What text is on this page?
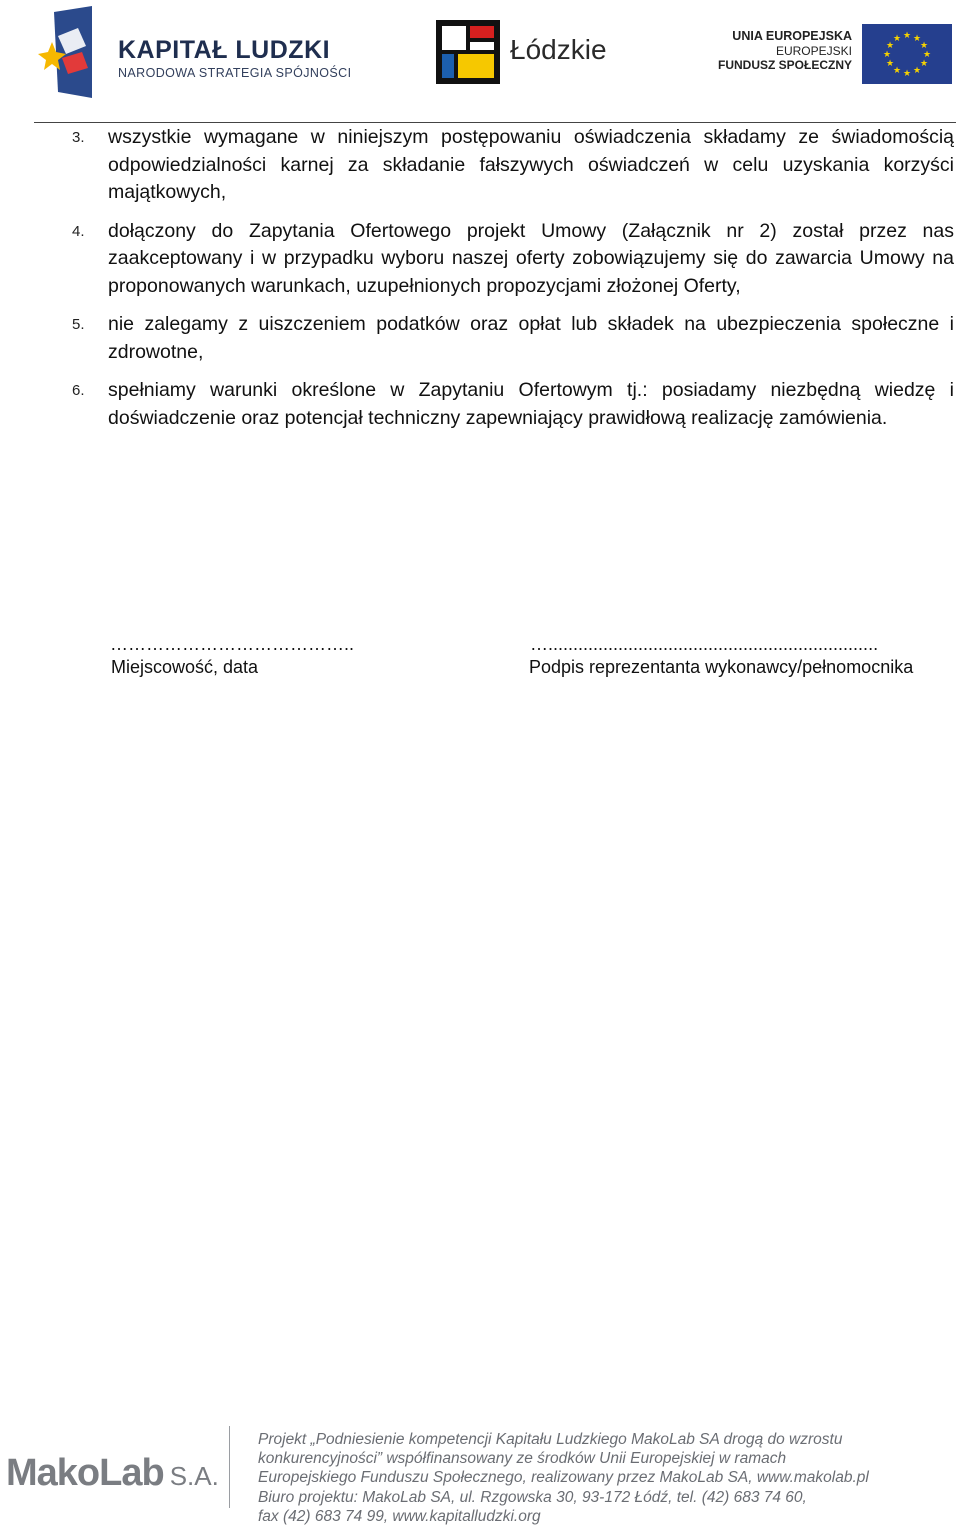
KAPITAŁ LUDZKI
NARODOWA STRATEGIA SPÓJNOŚCI
Łódzkie	UNIA EUROPEJSKA
EUROPEJSKI
FUNDUSZ SPOŁECZNY
★ ★
★
★
★
★
★
★
★
★
★
★
3. wszystkie wymagane w niniejszym postępowaniu oświadczenia składamy ze świadomością odpowiedzialności karnej za składanie fałszywych oświadczeń w celu uzyskania korzyści majątkowych,
4. dołączony do Zapytania Ofertowego projekt Umowy (Załącznik nr 2) został przez nas zaakceptowany i w przypadku wyboru naszej oferty zobowiązujemy się do zawarcia Umowy na proponowanych warunkach, uzupełnionych propozycjami złożonej Oferty,
5. nie zalegamy z uiszczeniem podatków oraz opłat lub składek na ubezpieczenia społeczne i zdrowotne,
6. spełniamy warunki określone w Zapytaniu Ofertowym tj.: posiadamy niezbędną wiedzę i doświadczenie oraz potencjał techniczny zapewniający prawidłową realizację zamówienia.
…………………………………..
Miejscowość, data
…..................................................................
Podpis reprezentanta wykonawcy/pełnomocnika
MakoLab S.A.
Projekt „Podniesienie kompetencji Kapitału Ludzkiego MakoLab SA drogą do wzrostu
konkurencyjności” współfinansowany ze środków Unii Europejskiej w ramach
Europejskiego Funduszu Społecznego, realizowany przez MakoLab SA, www.makolab.pl
Biuro projektu: MakoLab SA, ul. Rzgowska 30, 93-172 Łódź, tel. (42) 683 74 60,
fax (42) 683 74 99, www.kapitalludzki.org
